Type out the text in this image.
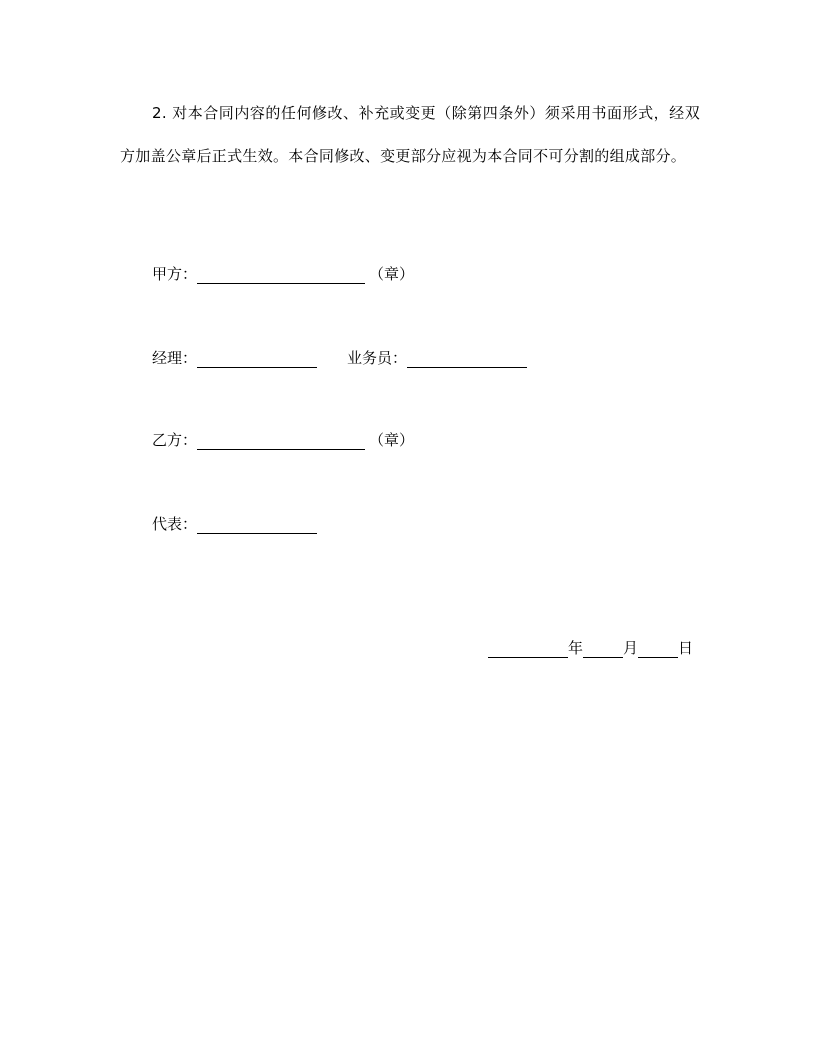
2. 对本合同内容的任何修改、补充或变更（除第四条外）须采用书面形式，经双方加盖公章后正式生效。本合同修改、变更部分应视为本合同不可分割的组成部分。
甲方：	（章）
经理：	业务员：
乙方：	（章）
代表：
年	月	日
